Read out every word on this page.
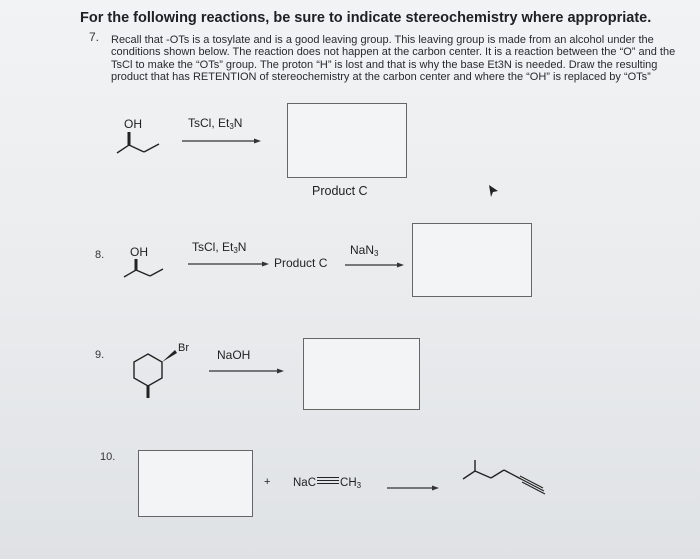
For the following reactions, be sure to indicate stereochemistry where appropriate.
7. Recall that -OTs is a tosylate and is a good leaving group. This leaving group is made from an alcohol under the conditions shown below. The reaction does not happen at the carbon center. It is a reaction between the “O” and the TsCl to make the “OTs” group. The proton “H” is lost and that is why the base Et3N is needed. Draw the resulting product that has RETENTION of stereochemistry at the carbon center and where the “OH” is replaced by “OTs”

OH	TsCl, $Et_3N$
Product C
8. OH	TsCl, $Et_3N$
Product C
NaN$_3$
9.
Br NaOH
10.
+ NaC $CH_3$
